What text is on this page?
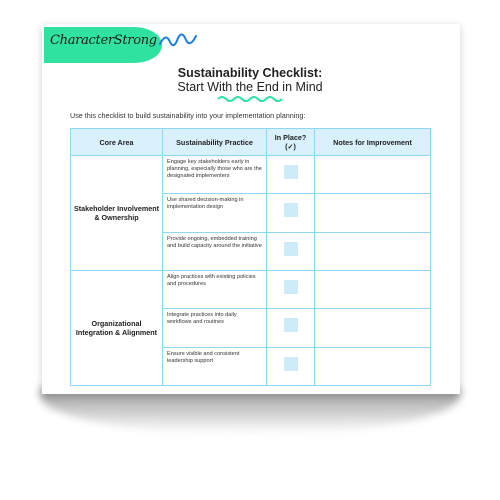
CharacterStrong
Sustainability Checklist:
Start With the End in Mind
Use this checklist to build sustainability into your implementation planning:
Core Area	Sustainability Practice	In Place? (✓)	Notes for Improvement
Stakeholder Involvement & Ownership	Engage key stakeholders early in planning, especially those who are the designated implementers		
	Use shared decision-making in implementation design		
	Provide ongoing, embedded training and build capacity around the initiative		
Organizational Integration & Alignment	Align practices with existing policies and procedures		
	Integrate practices into daily workflows and routines		
	Ensure visible and consistent leadership support		
